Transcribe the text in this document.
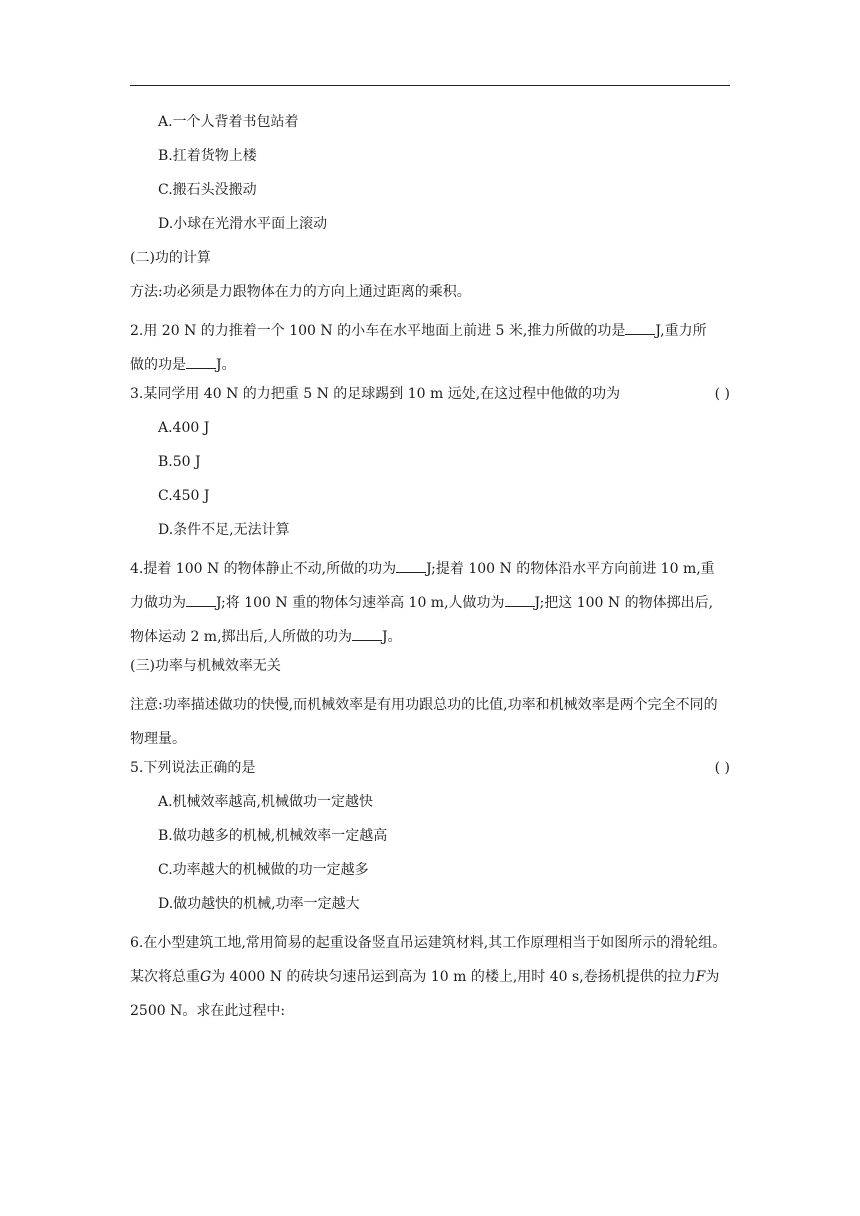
A.一个人背着书包站着
B.扛着货物上楼
C.搬石头没搬动
D.小球在光滑水平面上滚动
(二)功的计算
方法:功必须是力跟物体在力的方向上通过距离的乘积。
2.用 20 N 的力推着一个 100 N 的小车在水平地面上前进 5 米,推力所做的功是 J,重力所
做的功是 J。
3.某同学用 40 N 的力把重 5 N 的足球踢到 10 m 远处,在这过程中他做的功为	( )
A.400 J
B.50 J
C.450 J
D.条件不足,无法计算
4.提着 100 N 的物体静止不动,所做的功为 J;提着 100 N 的物体沿水平方向前进 10 m,重
力做功为 J;将 100 N 重的物体匀速举高 10 m,人做功为 J;把这 100 N 的物体掷出后,
物体运动 2 m,掷出后,人所做的功为 J。
(三)功率与机械效率无关
注意:功率描述做功的快慢,而机械效率是有用功跟总功的比值,功率和机械效率是两个完全不同的物理量。
5.下列说法正确的是	( )
A.机械效率越高,机械做功一定越快
B.做功越多的机械,机械效率一定越高
C.功率越大的机械做的功一定越多
D.做功越快的机械,功率一定越大
6.在小型建筑工地,常用简易的起重设备竖直吊运建筑材料,其工作原理相当于如图所示的滑轮组。某次将总重G为 4000 N 的砖块匀速吊运到高为 10 m 的楼上,用时 40 s,卷扬机提供的拉力F为 2500 N。求在此过程中:
